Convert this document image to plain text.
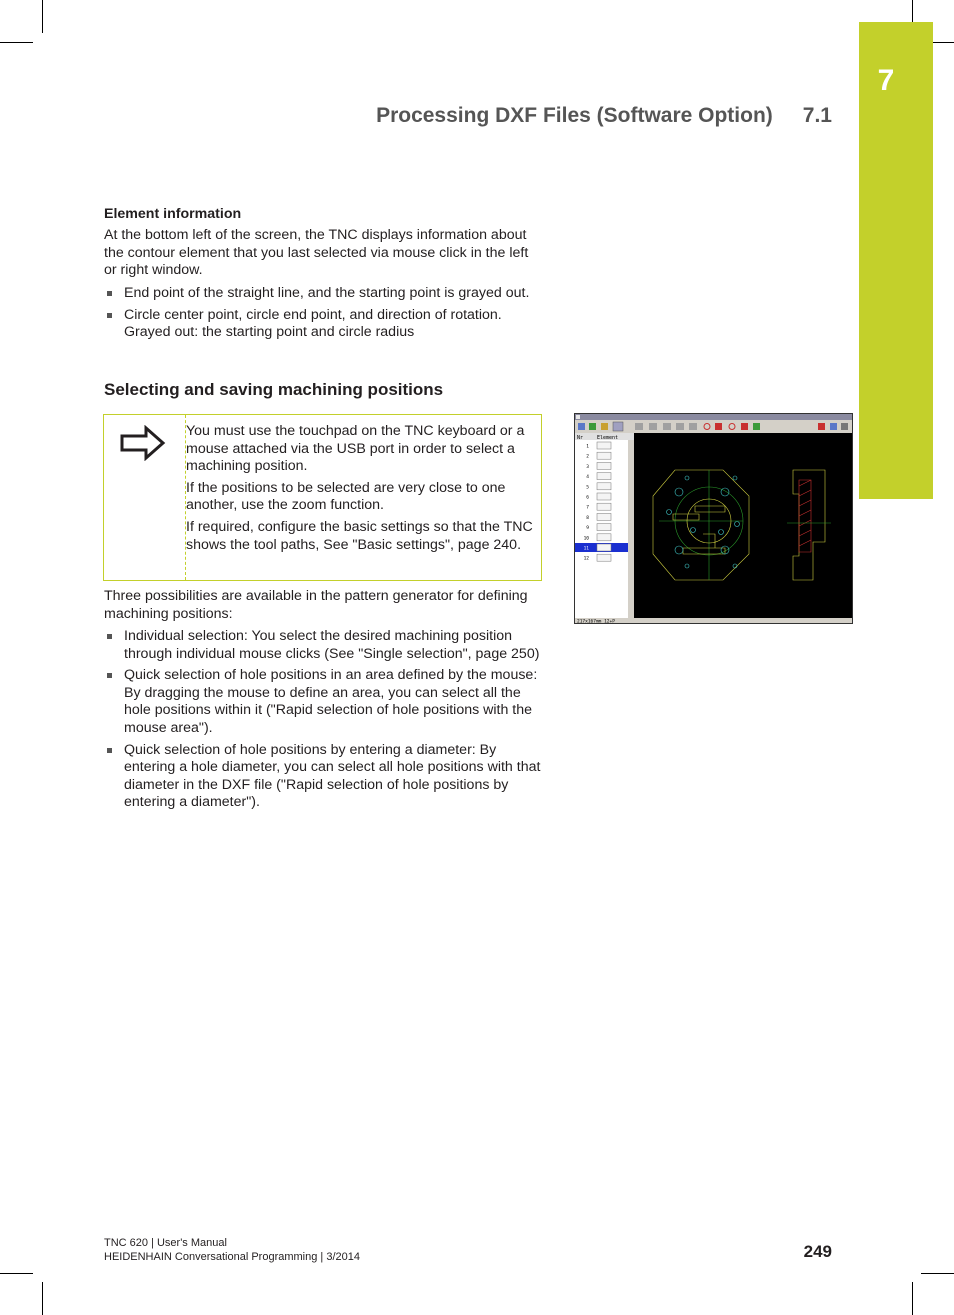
7
Processing DXF Files (Software Option) 7.1
Element information
At the bottom left of the screen, the TNC displays information about the contour element that you last selected via mouse click in the left or right window.
End point of the straight line, and the starting point is grayed out.
Circle center point, circle end point, and direction of rotation. Grayed out: the starting point and circle radius
Selecting and saving machining positions

You must use the touchpad on the TNC keyboard or a mouse attached via the USB port in order to select a machining position.

If the positions to be selected are very close to one another, use the zoom function.

If required, configure the basic settings so that the TNC shows the tool paths, See "Basic settings", page 240.

Three possibilities are available in the pattern generator for defining machining positions:
Individual selection: You select the desired machining position through individual mouse clicks (See "Single selection", page 250)
Quick selection of hole positions in an area defined by the mouse: By dragging the mouse to define an area, you can select all the hole positions within it ("Rapid selection of hole positions with the mouse area").
Quick selection of hole positions by entering a diameter: By entering a hole diameter, you can select all hole positions with that diameter in the DXF file ("Rapid selection of hole positions by entering a diameter").
Nr	Element
1
2
3
4
5
6
7
8
9
10
11
12
217x167mm 12+P
TNC 620 | User's Manual
HEIDENHAIN Conversational Programming | 3/2014	249
